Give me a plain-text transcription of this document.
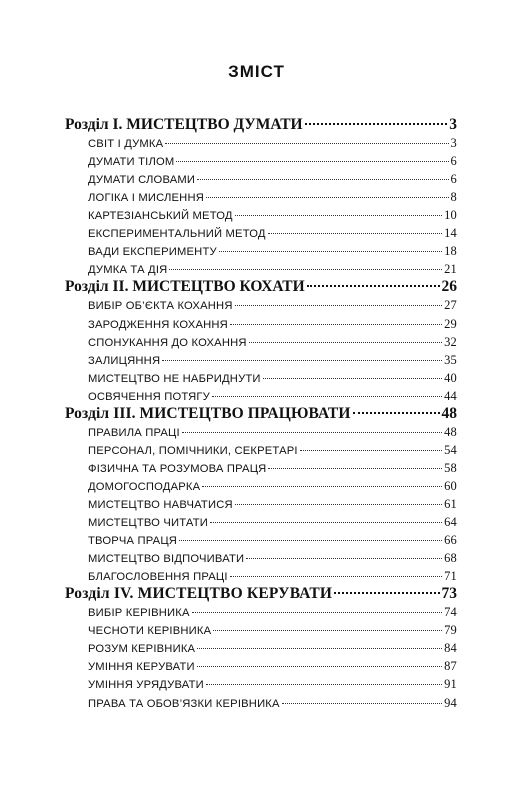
ЗМІСТ
Розділ І. МИСТЕЦТВО ДУМАТИ	3
СВІТ І ДУМКА	3
ДУМАТИ ТІЛОМ	6
ДУМАТИ СЛОВАМИ	6
ЛОГІКА І МИСЛЕННЯ	8
КАРТЕЗІАНСЬКИЙ МЕТОД	10
ЕКСПЕРИМЕНТАЛЬНИЙ МЕТОД	14
ВАДИ ЕКСПЕРИМЕНТУ	18
ДУМКА ТА ДІЯ	21
Розділ ІІ. МИСТЕЦТВО КОХАТИ	26
ВИБІР ОБ’ЄКТА КОХАННЯ	27
ЗАРОДЖЕННЯ КОХАННЯ	29
СПОНУКАННЯ ДО КОХАННЯ	32
ЗАЛИЦЯННЯ	35
МИСТЕЦТВО НЕ НАБРИДНУТИ	40
ОСВЯЧЕННЯ ПОТЯГУ	44
Розділ ІІІ. МИСТЕЦТВО ПРАЦЮВАТИ	48
ПРАВИЛА ПРАЦІ	48
ПЕРСОНАЛ, ПОМІЧНИКИ, СЕКРЕТАРІ	54
ФІЗИЧНА ТА РОЗУМОВА ПРАЦЯ	58
ДОМОГОСПОДАРКА	60
МИСТЕЦТВО НАВЧАТИСЯ	61
МИСТЕЦТВО ЧИТАТИ	64
ТВОРЧА ПРАЦЯ	66
МИСТЕЦТВО ВІДПОЧИВАТИ	68
БЛАГОСЛОВЕННЯ ПРАЦІ	71
Розділ IV. МИСТЕЦТВО КЕРУВАТИ	73
ВИБІР КЕРІВНИКА	74
ЧЕСНОТИ КЕРІВНИКА	79
РОЗУМ КЕРІВНИКА	84
УМІННЯ КЕРУВАТИ	87
УМІННЯ УРЯДУВАТИ	91
ПРАВА ТА ОБОВ’ЯЗКИ КЕРІВНИКА	94
